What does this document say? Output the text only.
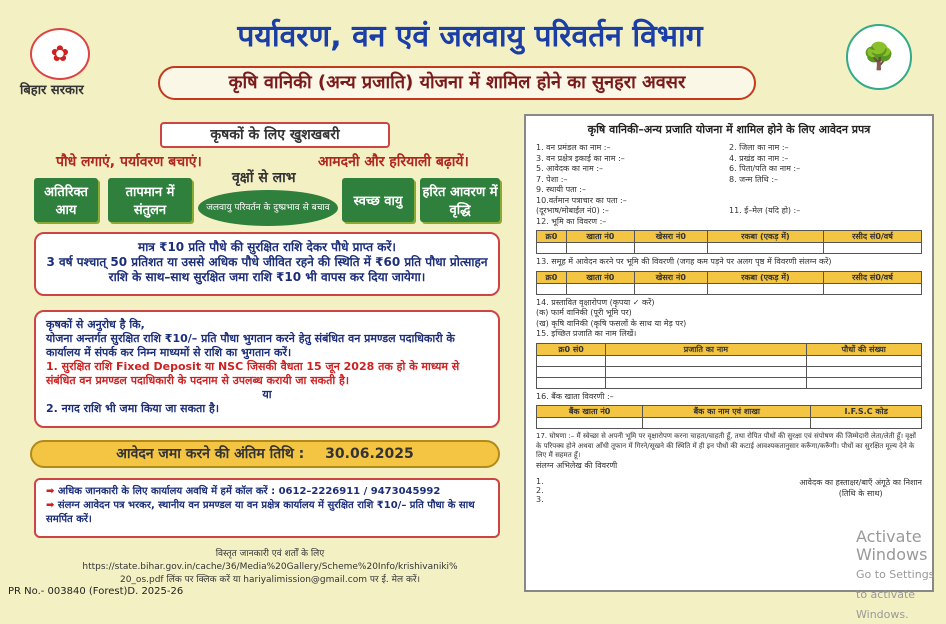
✿
बिहार सरकार
पर्यावरण, वन एवं जलवायु परिवर्तन विभाग
कृषि वानिकी (अन्य प्रजाति) योजना में शामिल होने का सुनहरा अवसर
🌳
कृषकों के लिए खुशखबरी
पौधे लगाएं, पर्यावरण बचाएं।	आमदनी और हरियाली बढ़ायें।
अतिरिक्त आय
तापमान में संतुलन
वृक्षों से लाभ
जलवायु परिवर्तन के दुष्प्रभाव से बचाव	स्वच्छ वायु
हरित आवरण में वृद्धि
मात्र ₹10 प्रति पौधे की सुरक्षित राशि देकर पौधे प्राप्त करें।
3 वर्ष पश्चात् 50 प्रतिशत या उससे अधिक पौधे जीवित रहने की स्थिति में ₹60 प्रति पौधा प्रोत्साहन राशि के साथ–साथ सुरक्षित जमा राशि ₹10 भी वापस कर दिया जायेगा।
कृषकों से अनुरोध है कि,
योजना अन्तर्गत सुरक्षित राशि ₹10/– प्रति पौधा भुगतान करने हेतु संबंधित वन प्रमण्डल पदाधिकारी के कार्यालय में संपर्क कर निम्न माध्यमों से राशि का भुगतान करें।
1. सुरक्षित राशि Fixed Deposit या NSC जिसकी वैधता 15 जून 2028 तक हो के माध्यम से संबंधित वन प्रमण्डल पदाधिकारी के पदनाम से उपलब्ध करायी जा सकती है।
या
2. नगद राशि भी जमा किया जा सकता है।
आवेदन जमा करने की अंतिम तिथि : 30.06.2025
➡ अधिक जानकारी के लिए कार्यालय अवधि में हमें कॉल करें : 0612–2226911 / 9473045992
➡ संलग्न आवेदन पत्र भरकर, स्थानीय वन प्रमण्डल या वन प्रक्षेत्र कार्यालय में सुरक्षित राशि ₹10/– प्रति पौधा के साथ समर्पित करें।
विस्तृत जानकारी एवं शर्तों के लिए https://state.bihar.gov.in/cache/36/Media%20Gallery/Scheme%20Info/krishivaniki%
20_os.pdf लिंक पर क्लिक करें या hariyalimission@gmail.com पर ई. मेल करें।
PR No.- 003840 (Forest)D. 2025-26
कृषि वानिकी–अन्य प्रजाति योजना में शामिल होने के लिए आवेदन प्रपत्र
1. वन प्रमंडल का नाम :–	2. जिला का नाम :–
3. वन प्रक्षेत्र इकाई का नाम :–	4. प्रखंड का नाम :–
5. आवेदक का नाम :–	6. पिता/पति का नाम :–
7. पेशा :–	8. जन्म तिथि :–
9. स्थायी पता :–
10.वर्तमान पत्राचार का पता :–
(दूरभाष/मोबाईल नं0) :–	11. ई–मेल (यदि हो) :–
12. भूमि का विवरण :–
क्र0	खाता नं0	खेसरा नं0	रकबा (एकड़ में)	रसीद सं0/वर्ष

13. समूह में आवेदन करने पर भूमि की विवरणी (जगह कम पड़ने पर अलग पृष्ठ में विवरणी संलग्न करें)
क्र0	खाता नं0	खेसरा नं0	रकबा (एकड़ में)	रसीद सं0/वर्ष

14. प्रस्तावित वृक्षारोपण (कृपया ✓ करें)
(क) फार्म वानिकी (पूरी भूमि पर)
(ख) कृषि वानिकी (कृषि फसलों के साथ या मेड़ पर)
15. इच्छित प्रजाति का नाम लिखें।
क्र0 सं0	प्रजाति का नाम	पौधों की संख्या

16. बैंक खाता विवरणी :–
बैंक खाता नं0	बैंक का नाम एवं शाखा	I.F.S.C कोड

17. घोषणा :– मैं स्वेच्छा से अपनी भूमि पर वृक्षारोपण करना चाहता/चाहती हूँ, तथा रोपित पौधों की सुरक्षा एवं संपोषण की जिम्मेदारी लेता/लेती हूँ। वृक्षों के परिपक्व होने अथवा आँधी तूफान में गिरने/सूखने की स्थिति में ही इन पौधों की कटाई आवश्यकतानुसार करूँगा/करूँगी। पौधों का सुरक्षित मूल्य देने के लिए मैं सहमत हूँ।
संलग्न अभिलेख की विवरणी
1.
2.
3.
आवेदक का हस्ताक्षर/बाएँ अंगूठे का निशान
(तिथि के साथ)
Activate Windows
Go to Settings to activate Windows.
